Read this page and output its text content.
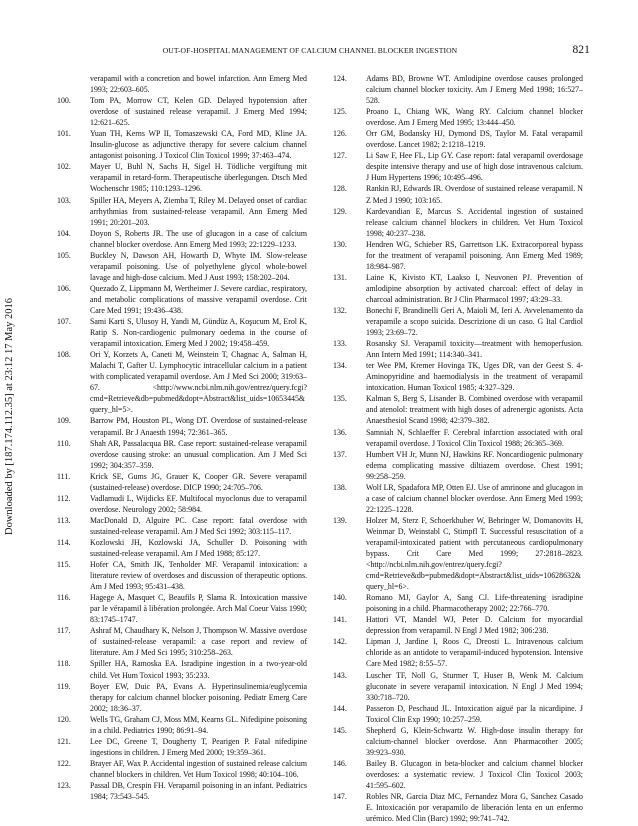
OUT-OF-HOSPITAL MANAGEMENT OF CALCIUM CHANNEL BLOCKER INGESTION	821
Downloaded by [187.174.112.35] at 23:12 17 May 2016
verapamil with a concretion and bowel infarction. Ann Emerg Med 1993; 22:603–605.
100. Tom PA, Morrow CT, Kelen GD. Delayed hypotension after overdose of sustained release verapamil. J Emerg Med 1994; 12:621–625.
101. Yuan TH, Kerns WP II, Tomaszewski CA, Ford MD, Kline JA. Insulin-glucose as adjunctive therapy for severe calcium channel antagonist poisoning. J Toxicol Clin Toxicol 1999; 37:463–474.
102. Mayer U, Buhl N, Sachs H, Sigel H. Tödliche vergiftung mit verapamil in retard-form. Therapeutische überlegungen. Dtsch Med Wochenschr 1985; 110:1293–1296.
103. Spiller HA, Meyers A, Ziemba T, Riley M. Delayed onset of cardiac arrhythmias from sustained-release verapamil. Ann Emerg Med 1991; 20:201–203.
104. Doyon S, Roberts JR. The use of glucagon in a case of calcium channel blocker overdose. Ann Emerg Med 1993; 22:1229–1233.
105. Buckley N, Dawson AH, Howarth D, Whyte IM. Slow-release verapamil poisoning. Use of polyethylene glycol whole-bowel lavage and high-dose calcium. Med J Aust 1993; 158:202–204.
106. Quezado Z, Lippmann M, Wertheimer J. Severe cardiac, respiratory, and metabolic complications of massive verapamil overdose. Crit Care Med 1991; 19:436–438.
107. Sami Karti S, Ulusoy H, Yandi M, Gündüz A, Koşucum M, Erol K, Ratip S. Non-cardiogenic pulmonary oedema in the course of verapamil intoxication. Emerg Med J 2002; 19:458–459.
108. Ori Y, Korzets A, Caneti M, Weinstein T, Chagnac A, Salman H, Malachi T, Gafter U. Lymphocytic intracellular calcium in a patient with complicated verapamil overdose. Am J Med Sci 2000; 319:63–67. <http://www.ncbi.nlm.nih.gov/entrez/query.fcgi?cmd=Retrieve&db=pubmed&dopt=Abstract&list_uids=10653445&query_hl=5>.
109. Barrow PM, Houston PL, Wong DT. Overdose of sustained-release verapamil. Br J Anaesth 1994; 72:361–365.
110. Shah AR, Passalacqua BR. Case report: sustained-release verapamil overdose causing stroke: an unusual complication. Am J Med Sci 1992; 304:357–359.
111.	Krick SE, Gums JG, Grauer K, Cooper GR. Severe verapamil (sustained-release) overdose. DICP 1990; 24:705–706.
112. Vadlamudi L, Wijdicks EF. Multifocal myoclonus due to verapamil overdose. Neurology 2002; 58:984.
113. MacDonald D, Alguire PC. Case report: fatal overdose with sustained-release verapamil. Am J Med Sci 1992; 303:115–117.
114. Kozlowski JH, Kozlowski JA, Schuller D. Poisoning with sustained-release verapamil. Am J Med 1988; 85:127.
115. Hofer CA, Smith JK, Tenholder MF. Verapamil intoxication: a literature review of overdoses and discussion of therapeutic options. Am J Med 1993; 95:431–438.
116. Hagege A, Masquet C, Beaufils P, Slama R. Intoxication massive par le vérapamil à libération prolongée. Arch Mal Coeur Vaiss 1990; 83:1745–1747.
117. Ashraf M, Chaudhary K, Nelson J, Thompson W. Massive overdose of sustained-release verapamil: a case report and review of literature. Am J Med Sci 1995; 310:258–263.
118. Spiller HA, Ramoska EA. Isradipine ingestion in a two-year-old child. Vet Hum Toxicol 1993; 35:233.
119. Boyer EW, Duic PA, Evans A. Hyperinsulinemia/euglycemia therapy for calcium channel blocker poisoning. Pediatr Emerg Care 2002; 18:36–37.
120. Wells TG, Graham CJ, Moss MM, Kearns GL. Nifedipine poisoning in a child. Pediatrics 1990; 86:91–94.
121. Lee DC, Greene T, Dougherty T, Pearigen P. Fatal nifedipine ingestions in children. J Emerg Med 2000; 19:359–361.
122. Brayer AF, Wax P. Accidental ingestion of sustained release calcium channel blockers in children. Vet Hum Toxicol 1998; 40:104–106.
123. Passal DB, Crespin FH. Verapamil poisoning in an infant. Pediatrics 1984; 73:543–545.
124. Adams BD, Browne WT. Amlodipine overdose causes prolonged calcium channel blocker toxicity. Am J Emerg Med 1998; 16:527–528.
125. Proano L, Chiang WK, Wang RY. Calcium channel blocker overdose. Am J Emerg Med 1995; 13:444–450.
126. Orr GM, Bodansky HJ, Dymond DS, Taylor M. Fatal verapamil overdose. Lancet 1982; 2:1218–1219.
127. Li Saw F, Hee FL, Lip GY. Case report: fatal verapamil overdosage despite intensive therapy and use of high dose intravenous calcium. J Hum Hypertens 1996; 10:495–496.
128. Rankin RJ, Edwards IR. Overdose of sustained release verapamil. N Z Med J 1990; 103:165.
129. Kardevandian E, Marcus S. Accidental ingestion of sustained release calcium channel blockers in children. Vet Hum Toxicol 1998; 40:237–238.
130. Hendren WG, Schieber RS, Garrettson LK. Extracorporeal bypass for the treatment of verapamil poisoning. Ann Emerg Med 1989; 18:984–987.
131. Laine K, Kivisto KT, Laakso I, Neuvonen PJ. Prevention of amlodipine absorption by activated charcoal: effect of delay in charcoal administration. Br J Clin Pharmacol 1997; 43:29–33.
132. Bonechi F, Brandinelli Geri A, Maioli M, Ieri A. Avvelenamento da verapamile a scopo suicida. Descrizione di un caso. G Ital Cardiol 1993; 23:69–72.
133. Rosansky SJ. Verapamil toxicity—treatment with hemoperfusion. Ann Intern Med 1991; 114:340–341.
134. ter Wee PM, Kremer Hovinga TK, Uges DR, van der Geest S. 4-Aminopyridine and haemodialysis in the treatment of verapamil intoxication. Human Toxicol 1985; 4:327–329.
135. Kalman S, Berg S, Lisander B. Combined overdose with verapamil and atenolol: treatment with high doses of adrenergic agonists. Acta Anaesthesiol Scand 1998; 42:379–382.
136. Samniah N, Schlaeffer F. Cerebral infarction associated with oral verapamil overdose. J Toxicol Clin Toxicol 1988; 26:365–369.
137. Humbert VH Jr, Munn NJ, Hawkins RF. Noncardiogenic pulmonary edema complicating massive diltiazem overdose. Chest 1991; 99:258–259.
138. Wolf LR, Spadafora MP, Otten EJ. Use of amrinone and glucagon in a case of calcium channel blocker overdose. Ann Emerg Med 1993; 22:1225–1228.
139. Holzer M, Sterz F, Schoerkhuber W, Behringer W, Domanovits H, Weinmar D, Weinstabl C, Stimpfl T. Successful resuscitation of a verapamil-intoxicated patient with percutaneous cardiopulmonary bypass. Crit Care Med 1999; 27:2818–2823. <http://ncbi.nlm.nih.gov/entrez/query.fcgi?cmd=Retrieve&db=pubmed&dopt=Abstract&list_uids=10628632&query_hl=6>.
140. Romano MJ, Gaylor A, Sang CJ. Life-threatening isradipine poisoning in a child. Pharmacotherapy 2002; 22:766–770.
141. Hattori VT, Mandel WJ, Peter D. Calcium for myocardial depression from verapamil. N Engl J Med 1982; 306:238.
142. Lipman J, Jardine I, Roos C, Dreosti L. Intravenous calcium chloride as an antidote to verapamil-induced hypotension. Intensive Care Med 1982; 8:55–57.
143. Luscher TF, Noll G, Sturmer T, Huser B, Wenk M. Calcium gluconate in severe verapamil intoxication. N Engl J Med 1994; 330:718–720.
144. Passeron D, Peschaud JL. Intoxication aiguë par la nicardipine. J Toxicol Clin Exp 1990; 10:257–259.
145. Shepherd G, Klein-Schwartz W. High-dose insulin therapy for calcium-channel blocker overdose. Ann Pharmacother 2005; 39:923–930.
146. Bailey B. Glucagon in beta-blocker and calcium channel blocker overdoses: a systematic review. J Toxicol Clin Toxicol 2003; 41:595–602.
147. Robles NR, Garcia Diaz MC, Fernandez Mora G, Sanchez Casado E. Intoxicación por verapamilo de liberación lenta en un enfermo urémico. Med Clin (Barc) 1992; 99:741–742.
